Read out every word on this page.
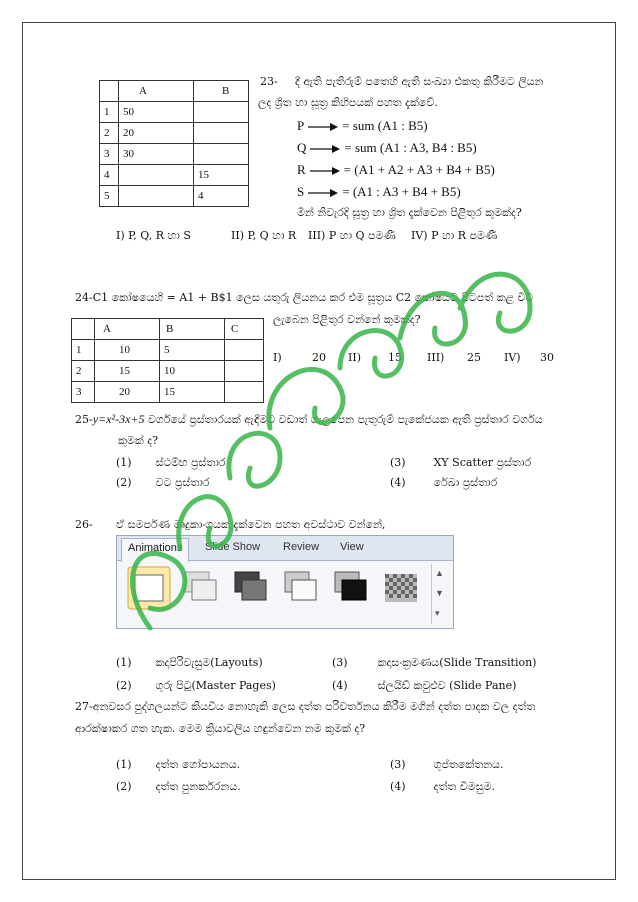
	A	B
1	50	
2	20	
3	30	
4		15
5		4
23- දී ඇති පැතිරුම් පතෙහි ඇති සංඛ්‍යා එකතු කිරීමට ලියන
ලද ශ්‍රිත හා සූත්‍ර කිහිපයක් පහත දැක්වේ.
P	= sum (A1 : B5)
Q	= sum (A1 : A3, B4 : B5)
R	= (A1 + A2 + A3 + B4 + B5)
S	= (A1 : A3 + B4 + B5)
මින් නිවැරදි සූත්‍ර හා ශ්‍රිත දැක්වෙන පිළිතුර කුමක්ද?
I) P, Q, R හා S	II) P, Q හා R III) P හා Q පමණී IV) P හා R පමණී
24-C1 කෝෂයෙහි = A1 + B$1 ලෙස යතුරු ලියනය කර එම සූත්‍රය C2 කෝෂයට පිටපත් කළ විට
ලැබෙන පිළිතුර වන්නේ කුමක්ද?
	A	B	C
1	10	5	
2	15	10	
3	20	15	
I)	20 II) 15 III) 25 IV) 30
25-y=x²-3x+5 වර්ගයේ ප්‍රස්තාරයක් ඇඳීමට වඩාත් ගැලපෙන පැතුරුම් පැකේජයක ඇති ප්‍රස්තාර වර්ගය
කුමක් ද?
(1) ස්ථම්භ ප්‍රස්තාර
(2) වට ප්‍රස්තාර
(3)	XY Scatter ප්‍රස්තාර
(4)	රේඛා ප්‍රස්තාර
26- ඒ සමර්පණ මෘදුකාංගයක දැක්වෙන පහත අවස්ථාව වන්නේ,
Animations	Slide Show Review View
▲
▼
▾
(1) කදාපිරිවැසුම(Layouts)
(2) ගුරු පිටු(Master Pages)
(3)	කදාසංක්‍රමණය(Slide Transition)
(4)	ස්ලයිඩ් කවුළුව (Slide Pane)
27-අනවසර පුද්ගලයන්ට කියවිය නොහැකි ලෙස දත්ත පරිවර්තනය කිරීම මගින් දත්ත පාදක වල දත්ත
ආරක්ෂාකර ගත හැක. මෙම ක්‍රියාවලිය හඳුන්වෙන නම කුමක් ද?
(1) දත්ත ගෝපායනය.
(2) දත්ත පුනර්කරනය.
(3)	ගුප්තකේතනය.
(4)	දත්ත විමසුම.
